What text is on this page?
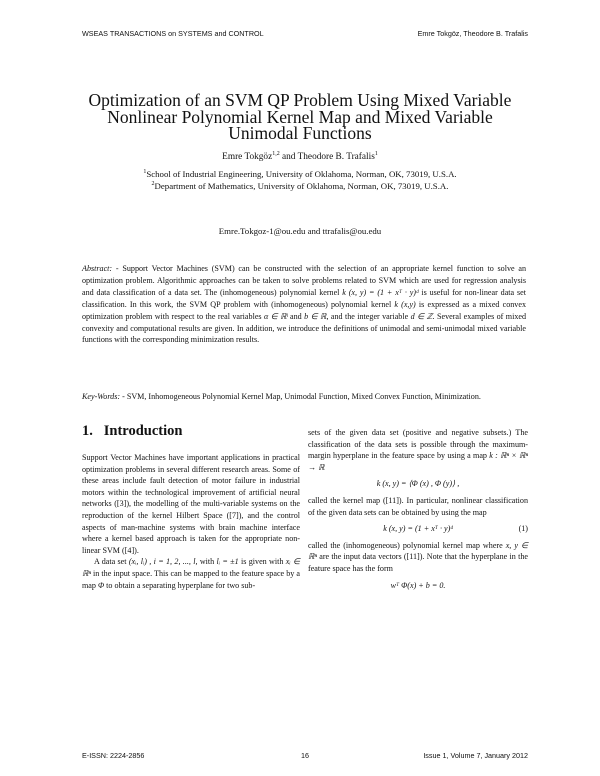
WSEAS TRANSACTIONS on SYSTEMS and CONTROL	Emre Tokgöz, Theodore B. Trafalis
Optimization of an SVM QP Problem Using Mixed Variable
Nonlinear Polynomial Kernel Map and Mixed Variable
Unimodal Functions
Emre Tokgöz$^{1,2}$ and Theodore B. Trafalis$^1$
$^1$School of Industrial Engineering, University of Oklahoma, Norman, OK, 73019, U.S.A.
$^2$Department of Mathematics, University of Oklahoma, Norman, OK, 73019, U.S.A.
Emre.Tokgoz-1@ou.edu and ttrafalis@ou.edu
Abstract: - Support Vector Machines (SVM) can be constructed with the selection of an appropriate kernel function to solve an optimization problem. Algorithmic approaches can be taken to solve problems related to SVM which are used for regression analysis and data classification of a data set. The (inhomogeneous) polynomial kernel k (x, y) = (1 + xᵀ · y)ᵈ is useful for non-linear data set classification. In this work, the SVM QP problem with (inhomogeneous) polynomial kernel k (x,y) is expressed as a mixed convex optimization problem with respect to the real variables α ∈ ℝˡ and b ∈ ℝ, and the integer variable d ∈ ℤ. Several examples of mixed convexity and computational results are given. In addition, we introduce the definitions of unimodal and semi-unimodal mixed variable functions with the corresponding minimization results.
Key-Words: - SVM, Inhomogeneous Polynomial Kernel Map, Unimodal Function, Mixed Convex Function, Minimization.
1. Introduction

Support Vector Machines have important applications in practical optimization problems in several different research areas. Some of these areas include fault detection of motor failure in industrial motors within the technological improvement of artificial neural networks ([3]), the modelling of the multi-variable systems on the reproduction of the kernel Hilbert Space ([7]), and the control aspects of man-machine systems with brain machine interface where a kernel based approach is taken for the appropriate non-linear SVM ([4]).

A data set (xᵢ, lᵢ) , i = 1, 2, ..., l, with lᵢ = ±1 is given with xᵢ ∈ ℝⁿ in the input space. This can be mapped to the feature space by a map Φ to obtain a separating hyperplane for two sub-

sets of the given data set (positive and negative subsets.) The classification of the data sets is possible through the maximum-margin hyperplane in the feature space by using a map k : ℝⁿ × ℝⁿ → ℝ

k (x, y) = ⟨Φ (x) , Φ (y)⟩ ,

called the kernel map ([11]). In particular, nonlinear classification of the given data sets can be obtained by using the map

k (x, y) = (1 + xᵀ · y)ᵈ	(1)

called the (inhomogeneous) polynomial kernel map where x, y ∈ ℝⁿ are the input data vectors ([11]). Note that the hyperplane in the feature space has the form

wᵀ Φ(x) + b = 0.

E-ISSN: 2224-2856	16	Issue 1, Volume 7, January 2012
